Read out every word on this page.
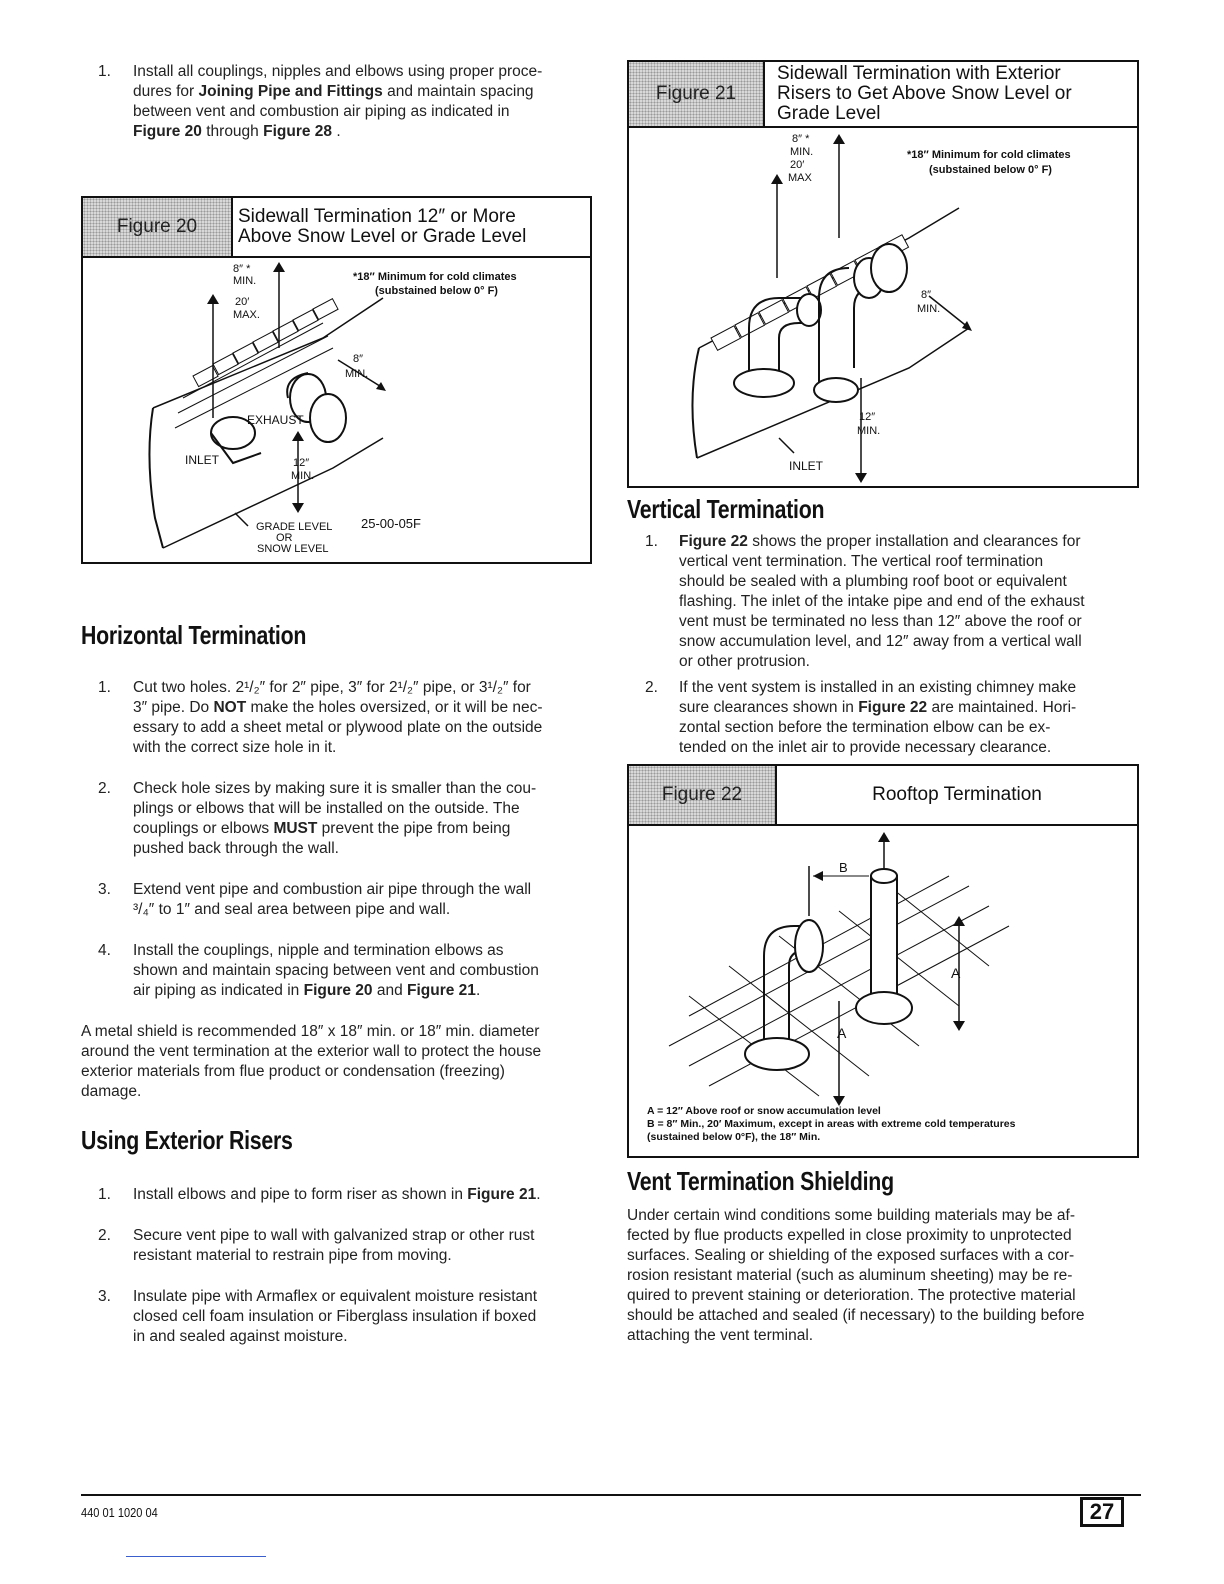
1. Install all couplings, nipples and elbows using proper proce-
dures for Joining Pipe and Fittings and maintain spacing
between vent and combustion air piping as indicated in
Figure 20 through Figure 28 .
Figure 20	Sidewall Termination 12″ or More
Above Snow Level or Grade Level
8″ *
MIN.	*18″ Minimum for cold climates
(substained below 0° F)
20′
MAX.
8″
MIN.
EXHAUST
INLET	12″
MIN.
GRADE LEVEL
OR
SNOW LEVEL
25-00-05F
Horizontal Termination
1. Cut two holes. 2¹/₂″ for 2″ pipe, 3″ for 2¹/₂″ pipe, or 3¹/₂″ for
3″ pipe. Do NOT make the holes oversized, or it will be nec-
essary to add a sheet metal or plywood plate on the outside
with the correct size hole in it.
2. Check hole sizes by making sure it is smaller than the cou-
plings or elbows that will be installed on the outside. The
couplings or elbows MUST prevent the pipe from being
pushed back through the wall.
3. Extend vent pipe and combustion air pipe through the wall
³/₄″ to 1″ and seal area between pipe and wall.
4. Install the couplings, nipple and termination elbows as
shown and maintain spacing between vent and combustion
air piping as indicated in Figure 20 and Figure 21.
A metal shield is recommended 18″ x 18″ min. or 18″ min. diameter
around the vent termination at the exterior wall to protect the house
exterior materials from flue product or condensation (freezing)
damage.
Using Exterior Risers
1. Install elbows and pipe to form riser as shown in Figure 21.
2. Secure vent pipe to wall with galvanized strap or other rust
resistant material to restrain pipe from moving.
3. Insulate pipe with Armaflex or equivalent moisture resistant
closed cell foam insulation or Fiberglass insulation if boxed
in and sealed against moisture.
Figure 21
Sidewall Termination with Exterior
Risers to Get Above Snow Level or
Grade Level
8″ *
MIN.
20′
MAX
*18″ Minimum for cold climates
(substained below 0° F)
8″
MIN.
12″
MIN.
INLET
Vertical Termination
1. Figure 22 shows the proper installation and clearances for
vertical vent termination. The vertical roof termination
should be sealed with a plumbing roof boot or equivalent
flashing. The inlet of the intake pipe and end of the exhaust
vent must be terminated no less than 12″ above the roof or
snow accumulation level, and 12″ away from a vertical wall
or other protrusion.
2. If the vent system is installed in an existing chimney make
sure clearances shown in Figure 22 are maintained. Hori-
zontal section before the termination elbow can be ex-
tended on the inlet air to provide necessary clearance.
Figure 22	Rooftop Termination
B
A
A
A = 12″ Above roof or snow accumulation level
B = 8″ Min., 20′ Maximum, except in areas with extreme cold temperatures
(sustained below 0°F), the 18″ Min.
Vent Termination Shielding
Under certain wind conditions some building materials may be af-
fected by flue products expelled in close proximity to unprotected
surfaces. Sealing or shielding of the exposed surfaces with a cor-
rosion resistant material (such as aluminum sheeting) may be re-
quired to prevent staining or deterioration. The protective material
should be attached and sealed (if necessary) to the building before
attaching the vent terminal.
440 01 1020 04	27
